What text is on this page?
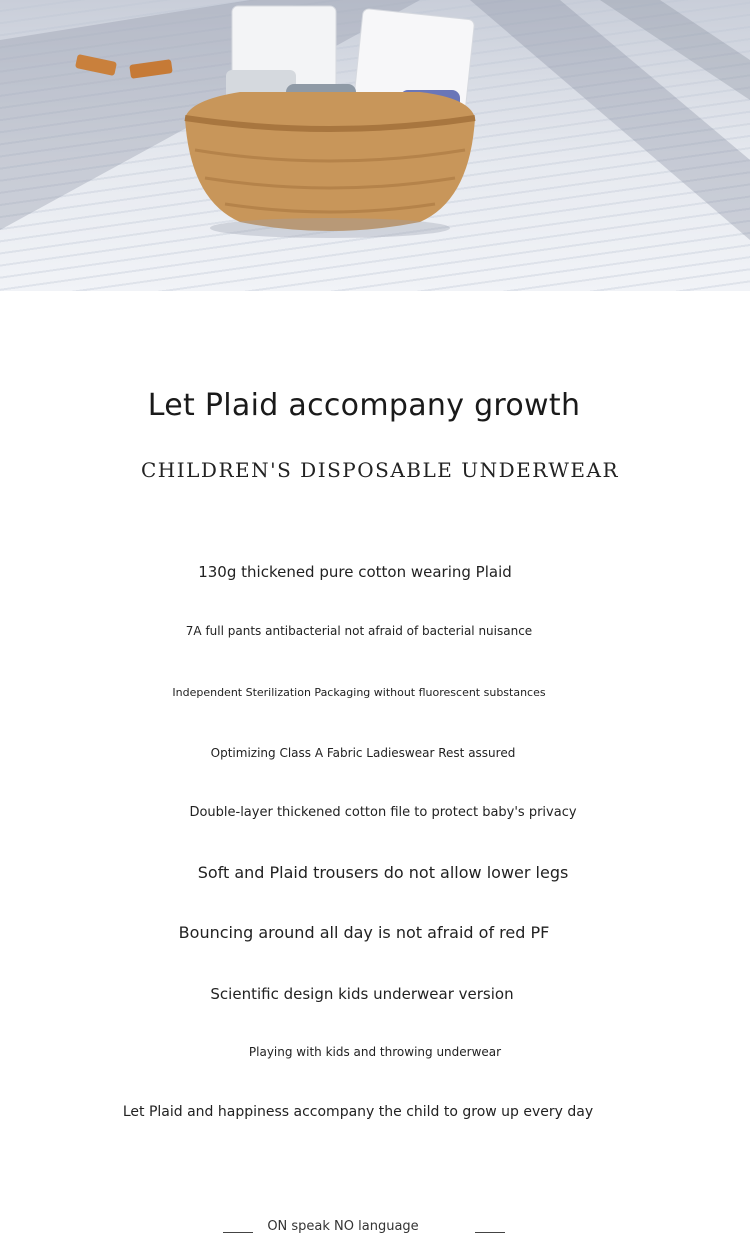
Let Plaid accompany growth
CHILDREN'S DISPOSABLE UNDERWEAR
130g thickened pure cotton wearing Plaid
7A full pants antibacterial not afraid of bacterial nuisance
Independent Sterilization Packaging without fluorescent substances
Optimizing Class A Fabric Ladieswear Rest assured
Double-layer thickened cotton file to protect baby's privacy
Soft and Plaid trousers do not allow lower legs
Bouncing around all day is not afraid of red PF
Scientific design kids underwear version
Playing with kids and throwing underwear
Let Plaid and happiness accompany the child to grow up every day
ON speak NO language
